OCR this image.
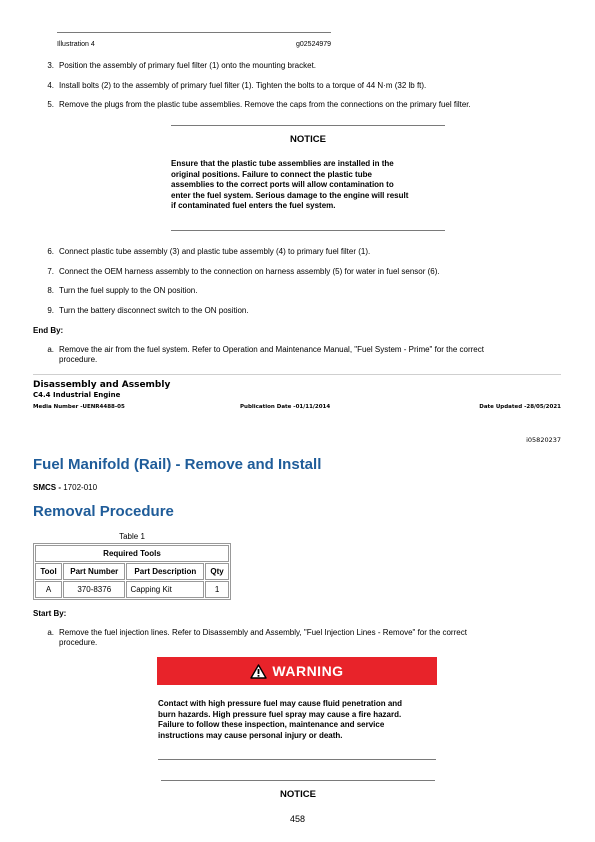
Illustration 4	g02524979
3. Position the assembly of primary fuel filter (1) onto the mounting bracket.
4. Install bolts (2) to the assembly of primary fuel filter (1). Tighten the bolts to a torque of 44 N·m (32 lb ft).
5. Remove the plugs from the plastic tube assemblies. Remove the caps from the connections on the primary fuel filter.
NOTICE
Ensure that the plastic tube assemblies are installed in the
original positions. Failure to connect the plastic tube
assemblies to the correct ports will allow contamination to
enter the fuel system. Serious damage to the engine will result
if contaminated fuel enters the fuel system.
6. Connect plastic tube assembly (3) and plastic tube assembly (4) to primary fuel filter (1).
7. Connect the OEM harness assembly to the connection on harness assembly (5) for water in fuel sensor (6).
8. Turn the fuel supply to the ON position.
9. Turn the battery disconnect switch to the ON position.
End By:
a. Remove the air from the fuel system. Refer to Operation and Maintenance Manual, "Fuel System - Prime" for the correct
procedure.
Disassembly and Assembly
C4.4 Industrial Engine
Media Number -UENR4488-05	Publication Date -01/11/2014	Date Updated -28/05/2021
i05820237
Fuel Manifold (Rail) - Remove and Install
SMCS - 1702-010
Removal Procedure
Table 1
Required Tools			
Tool	Part Number	Part Description	Qty
A	370-8376	Capping Kit	1
Start By:
a. Remove the fuel injection lines. Refer to Disassembly and Assembly, "Fuel Injection Lines - Remove" for the correct
procedure.
WARNING
Contact with high pressure fuel may cause fluid penetration and
burn hazards. High pressure fuel spray may cause a fire hazard.
Failure to follow these inspection, maintenance and service
instructions may cause personal injury or death.
NOTICE
458
